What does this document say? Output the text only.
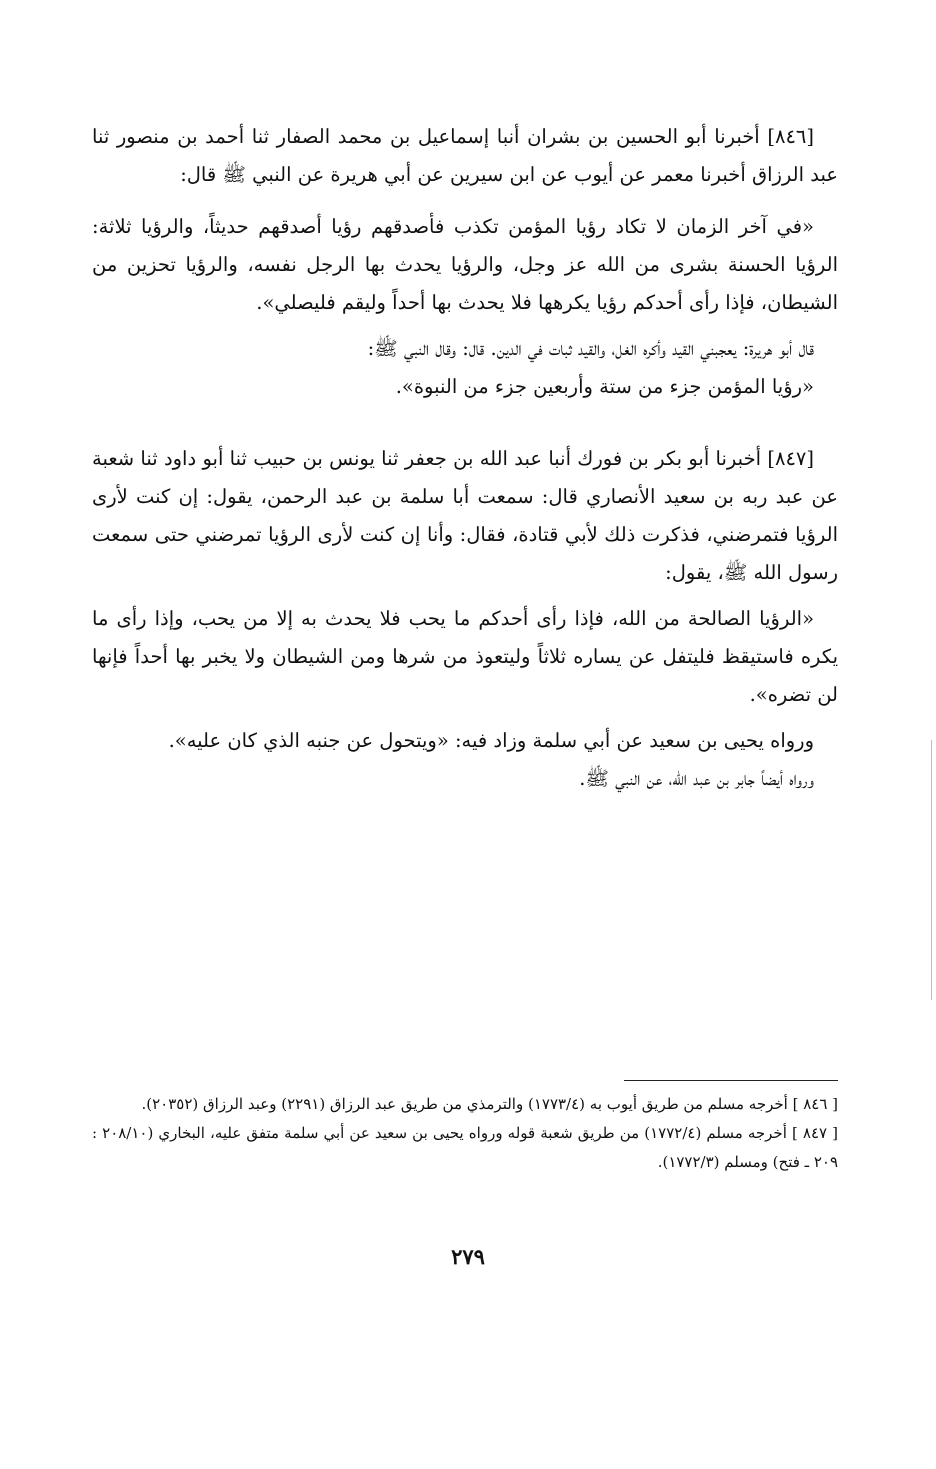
[٨٤٦] أخبرنا أبو الحسين بن بشران أنبا إسماعيل بن محمد الصفار ثنا أحمد بن منصور ثنا عبد الرزاق أخبرنا معمر عن أيوب عن ابن سيرين عن أبي هريرة عن النبي ﷺ قال:

«في آخر الزمان لا تكاد رؤيا المؤمن تكذب فأصدقهم رؤيا أصدقهم حديثاً، والرؤيا ثلاثة: الرؤيا الحسنة بشرى من الله عز وجل، والرؤيا يحدث بها الرجل نفسه، والرؤيا تحزين من الشيطان، فإذا رأى أحدكم رؤيا يكرهها فلا يحدث بها أحداً وليقم فليصلي».

قال أبو هريرة: يعجبني القيد وأكره الغل، والقيد ثبات في الدين. قال: وقال النبي ﷺ:

«رؤيا المؤمن جزء من ستة وأربعين جزء من النبوة».

[٨٤٧] أخبرنا أبو بكر بن فورك أنبا عبد الله بن جعفر ثنا يونس بن حبيب ثنا أبو داود ثنا شعبة عن عبد ربه بن سعيد الأنصاري قال: سمعت أبا سلمة بن عبد الرحمن، يقول: إن كنت لأرى الرؤيا فتمرضني، فذكرت ذلك لأبي قتادة، فقال: وأنا إن كنت لأرى الرؤيا تمرضني حتى سمعت رسول الله ﷺ، يقول:

«الرؤيا الصالحة من الله، فإذا رأى أحدكم ما يحب فلا يحدث به إلا من يحب، وإذا رأى ما يكره فاستيقظ فليتفل عن يساره ثلاثاً وليتعوذ من شرها ومن الشيطان ولا يخبر بها أحداً فإنها لن تضره».

ورواه يحيى بن سعيد عن أبي سلمة وزاد فيه: «ويتحول عن جنبه الذي كان عليه».

ورواه أيضاً جابر بن عبد الله، عن النبي ﷺ.

[ ٨٤٦ ] أخرجه مسلم من طريق أيوب به (١٧٧٣/٤) والترمذي من طريق عبد الرزاق (٢٢٩١) وعبد الرزاق (٢٠٣٥٢).

[ ٨٤٧ ] أخرجه مسلم (١٧٧٢/٤) من طريق شعبة قوله ورواه يحيى بن سعيد عن أبي سلمة متفق عليه، البخاري (٢٠٨/١٠ : ٢٠٩ ـ فتح) ومسلم (١٧٧٢/٣).

٢٧٩
